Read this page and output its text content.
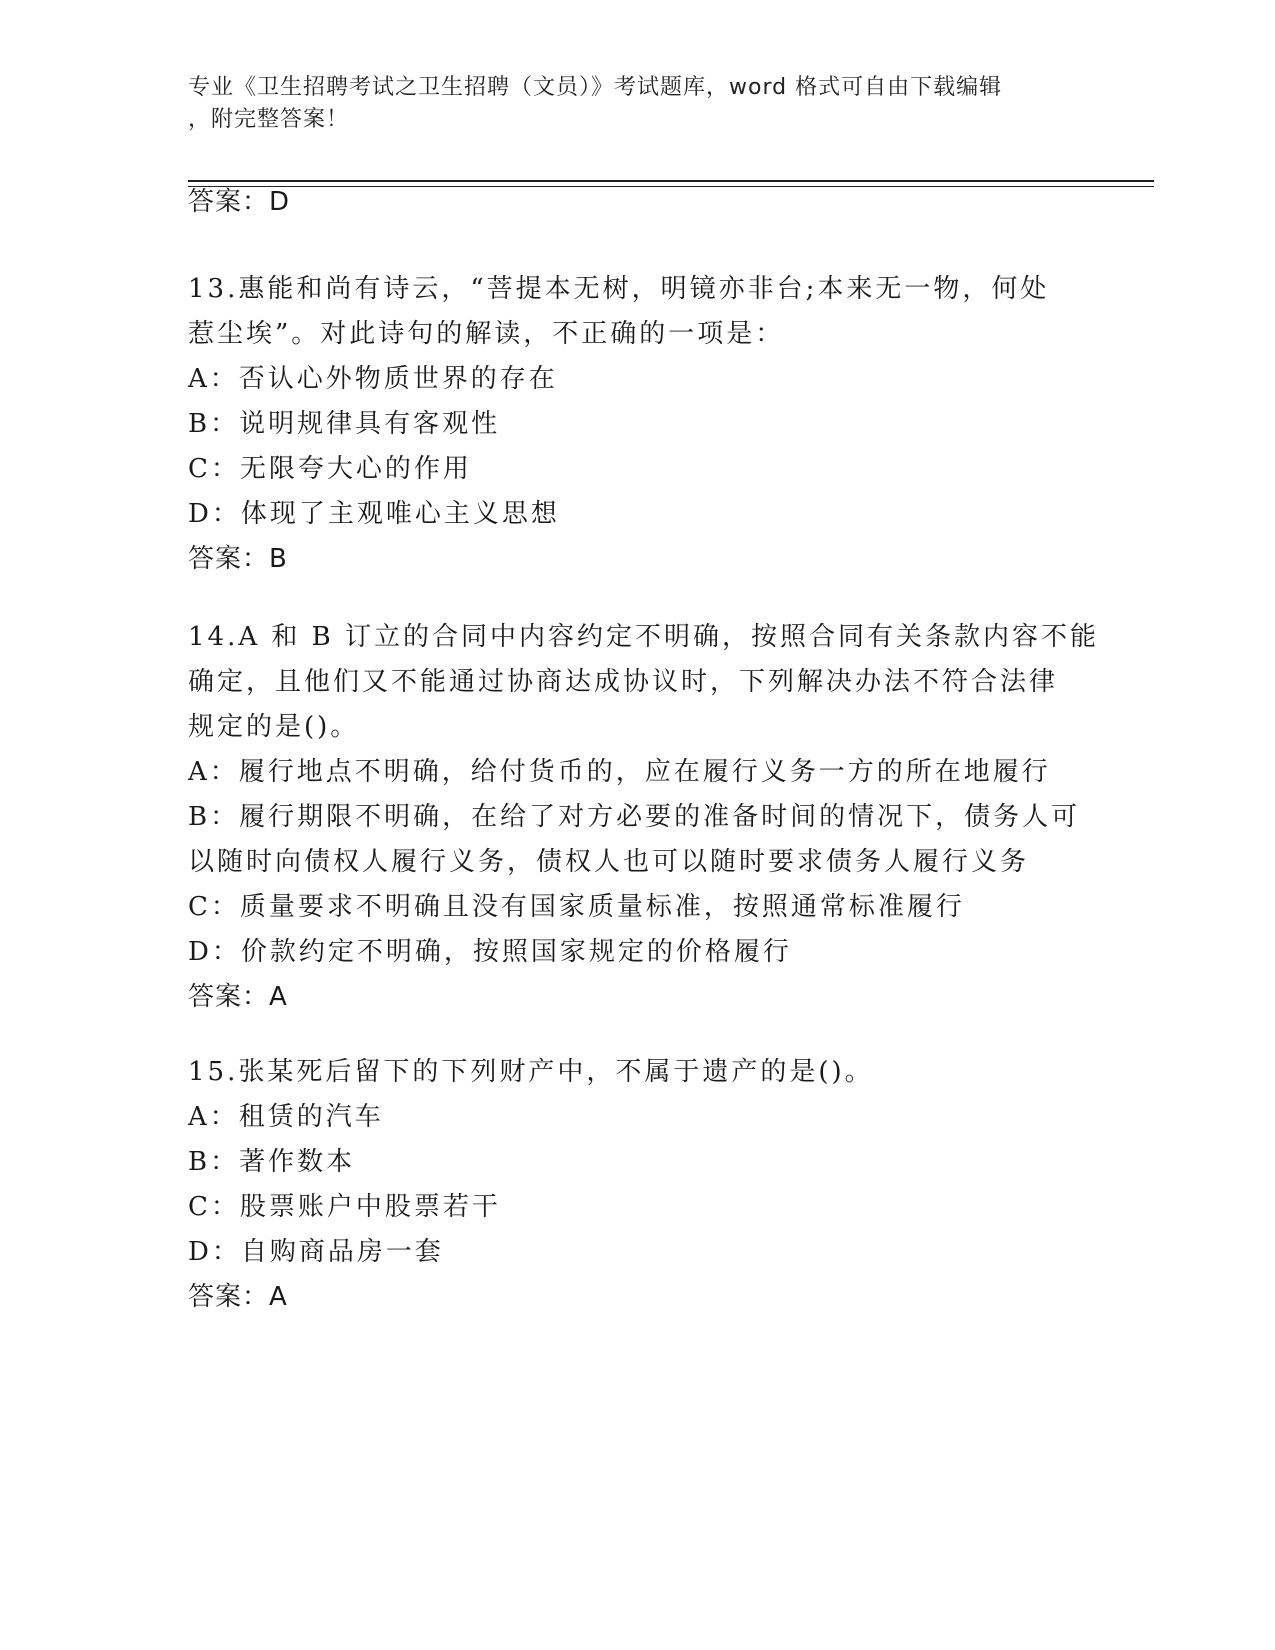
专业《卫生招聘考试之卫生招聘（文员）》考试题库，word 格式可自由下载编辑
，附完整答案！

答案：D

13.惠能和尚有诗云，“菩提本无树，明镜亦非台;本来无一物，何处

惹尘埃”。对此诗句的解读，不正确的一项是：

A：否认心外物质世界的存在

B：说明规律具有客观性

C：无限夸大心的作用

D：体现了主观唯心主义思想

答案：B

14.A 和 B 订立的合同中内容约定不明确，按照合同有关条款内容不能

确定，且他们又不能通过协商达成协议时，下列解决办法不符合法律

规定的是()。

A：履行地点不明确，给付货币的，应在履行义务一方的所在地履行

B：履行期限不明确，在给了对方必要的准备时间的情况下，债务人可

以随时向债权人履行义务，债权人也可以随时要求债务人履行义务

C：质量要求不明确且没有国家质量标准，按照通常标准履行

D：价款约定不明确，按照国家规定的价格履行

答案：A

15.张某死后留下的下列财产中，不属于遗产的是()。

A：租赁的汽车

B：著作数本

C：股票账户中股票若干

D：自购商品房一套

答案：A
